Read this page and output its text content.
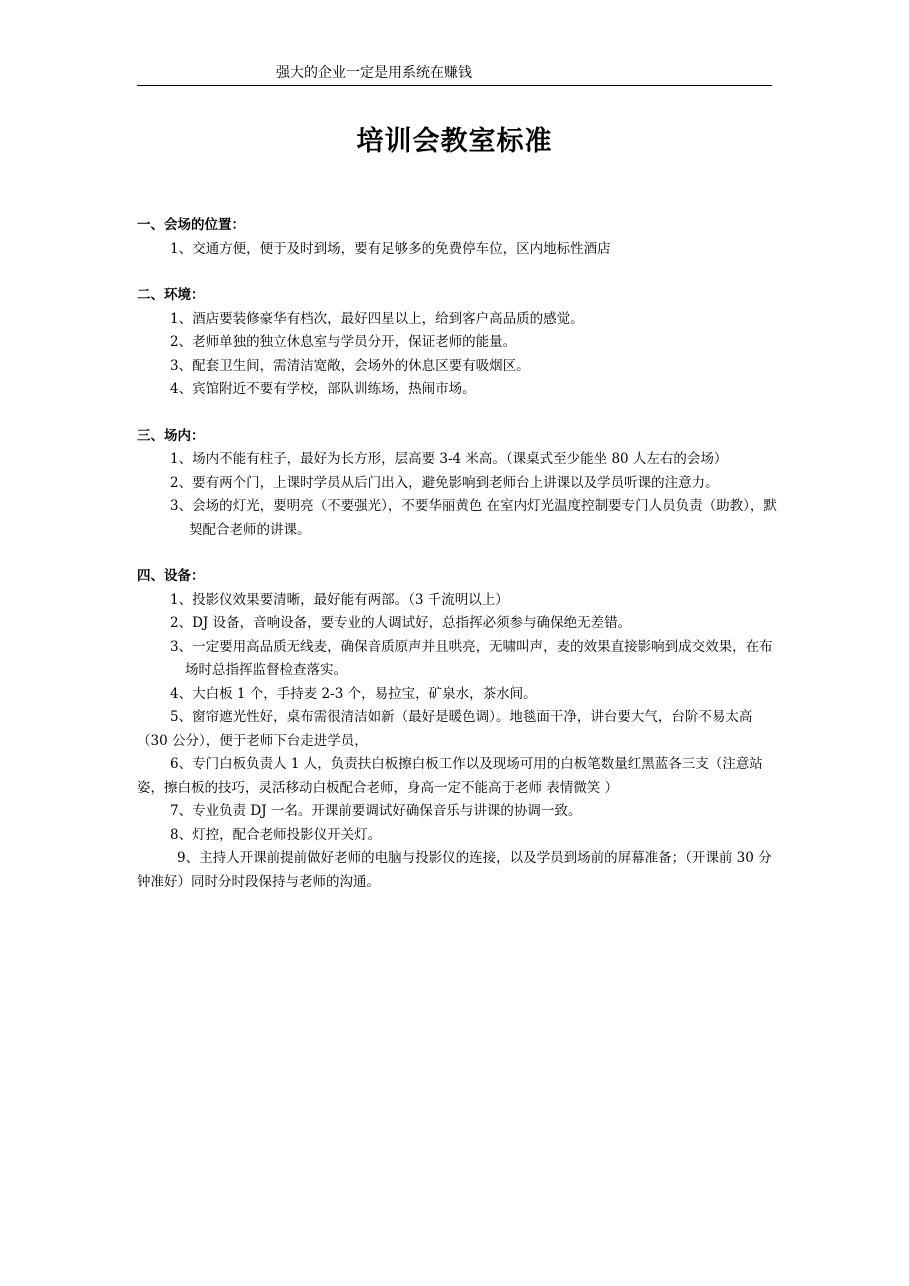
强大的企业一定是用系统在赚钱
培训会教室标准
一、会场的位置：
1、交通方便，便于及时到场，要有足够多的免费停车位，区内地标性酒店
二、环境：
1、酒店要装修豪华有档次，最好四星以上，给到客户高品质的感觉。
2、老师单独的独立休息室与学员分开，保证老师的能量。
3、配套卫生间，需清洁宽敞，会场外的休息区要有吸烟区。
4、宾馆附近不要有学校，部队训练场，热闹市场。
三、场内：
1、场内不能有柱子，最好为长方形，层高要 3-4 米高。（课桌式至少能坐 80 人左右的会场）
2、要有两个门，上课时学员从后门出入，避免影响到老师台上讲课以及学员听课的注意力。
3、会场的灯光，要明亮（不要强光），不要华丽黄色 在室内灯光温度控制要专门人员负责（助教），默契配合老师的讲课。
四、设备：
1、投影仪效果要清晰，最好能有两部。（3 千流明以上）
2、DJ 设备，音响设备，要专业的人调试好，总指挥必须参与确保绝无差错。
3、一定要用高品质无线麦，确保音质原声并且哄亮，无啸叫声，麦的效果直接影响到成交效果，在布场时总指挥监督检查落实。
4、大白板 1 个，手持麦 2-3 个，易拉宝，矿泉水，茶水间。
5、窗帘遮光性好，桌布需很清洁如新（最好是暖色调）。地毯面干净，讲台要大气，台阶不易太高（30 公分），便于老师下台走进学员，
6、专门白板负责人 1 人，负责扶白板擦白板工作以及现场可用的白板笔数量红黑蓝各三支（注意站姿，擦白板的技巧，灵活移动白板配合老师，身高一定不能高于老师 表情微笑 ）
7、专业负责 DJ 一名。开课前要调试好确保音乐与讲课的协调一致。
8、灯控，配合老师投影仪开关灯。
9、主持人开课前提前做好老师的电脑与投影仪的连接，以及学员到场前的屏幕准备；（开课前 30 分钟准好）同时分时段保持与老师的沟通。
